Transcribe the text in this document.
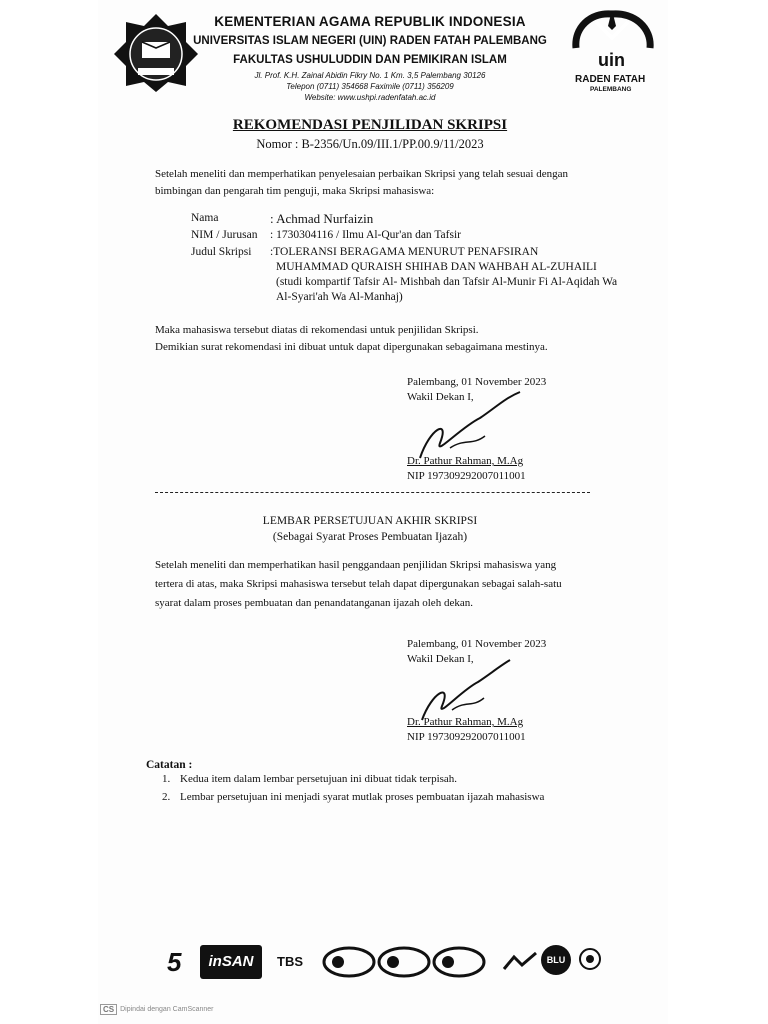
uin
RADEN FATAH
PALEMBANG
KEMENTERIAN AGAMA REPUBLIK INDONESIA
UNIVERSITAS ISLAM NEGERI (UIN) RADEN FATAH PALEMBANG
FAKULTAS USHULUDDIN DAN PEMIKIRAN ISLAM
Jl. Prof. K.H. Zainal Abidin Fikry No. 1 Km. 3,5 Palembang 30126
Telepon (0711) 354668 Faximile (0711) 356209
Website: www.ushpi.radenfatah.ac.id
REKOMENDASI PENJILIDAN SKRIPSI
Nomor : B-2356/Un.09/III.1/PP.00.9/11/2023
Setelah meneliti dan memperhatikan penyelesaian perbaikan Skripsi yang telah sesuai dengan
bimbingan dan pengarah tim penguji, maka Skripsi mahasiswa:
Nama	: Achmad Nurfaizin
NIM / Jurusan : 1730304116 / Ilmu Al-Qur'an dan Tafsir
Judul Skripsi :TOLERANSI BERAGAMA MENURUT PENAFSIRAN
MUHAMMAD QURAISH SHIHAB DAN WAHBAH AL-ZUHAILI
(studi kompartif Tafsir Al- Mishbah dan Tafsir Al-Munir Fi Al-Aqidah Wa
Al-Syari'ah Wa Al-Manhaj)
Maka mahasiswa tersebut diatas di rekomendasi untuk penjilidan Skripsi.
Demikian surat rekomendasi ini dibuat untuk dapat dipergunakan sebagaimana mestinya.
Palembang, 01 November 2023
Wakil Dekan I,
Dr. Pathur Rahman, M.Ag
NIP 197309292007011001
LEMBAR PERSETUJUAN AKHIR SKRIPSI
(Sebagai Syarat Proses Pembuatan Ijazah)
Setelah meneliti dan memperhatikan hasil penggandaan penjilidan Skripsi mahasiswa yang
tertera di atas, maka Skripsi mahasiswa tersebut telah dapat dipergunakan sebagai salah-satu
syarat dalam proses pembuatan dan penandatanganan ijazah oleh dekan.
Palembang, 01 November 2023
Wakil Dekan I,
Dr. Pathur Rahman, M.Ag
NIP 197309292007011001
Catatan :
1. Kedua item dalam lembar persetujuan ini dibuat tidak terpisah.
2. Lembar persetujuan ini menjadi syarat mutlak proses pembuatan ijazah mahasiswa
5	inSAN	TBS	BLU
CS Dipindai dengan CamScanner
